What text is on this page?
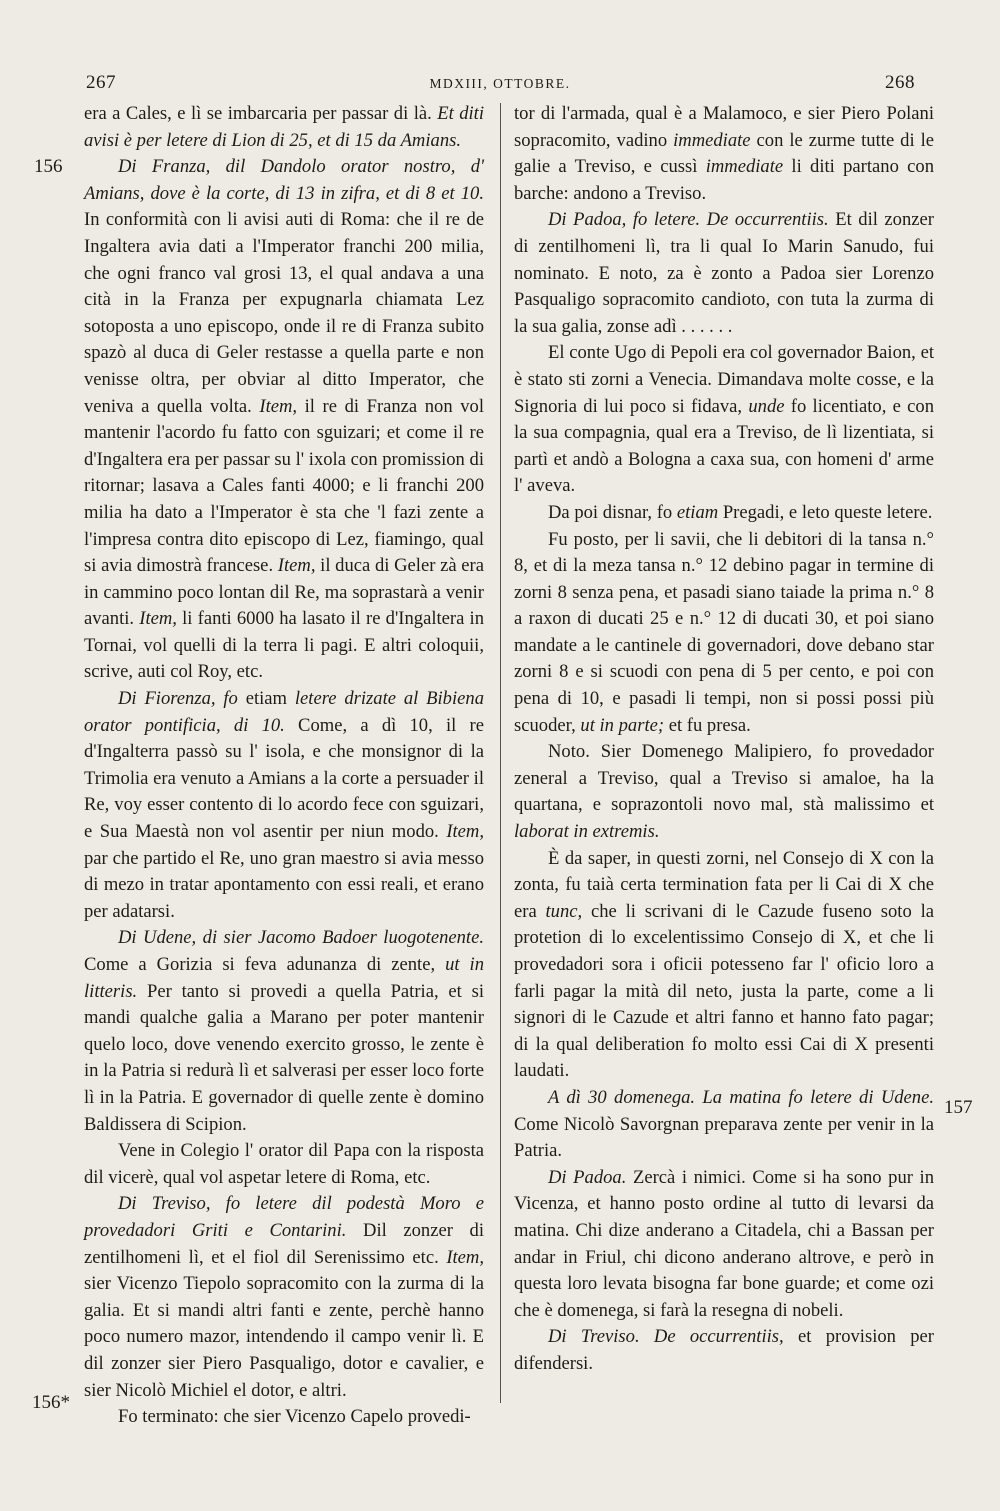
267	MDXIII, OTTOBRE.	268
156
156*
157

era a Cales, e lì se imbarcaria per passar di là. Et diti avisi è per letere di Lion di 25, et di 15 da Amians.

Di Franza, dil Dandolo orator nostro, d' Amians, dove è la corte, di 13 in zifra, et di 8 et 10. In conformità con li avisi auti di Roma: che il re de Ingaltera avia dati a l'Imperator franchi 200 milia, che ogni franco val grosi 13, el qual andava a una cità in la Franza per expugnarla chiamata Lez sotoposta a uno episcopo, onde il re di Franza subito spazò al duca di Geler restasse a quella parte e non venisse oltra, per obviar al ditto Imperator, che veniva a quella volta. Item, il re di Franza non vol mantenir l'acordo fu fatto con sguizari; et come il re d'Ingaltera era per passar su l' ixola con promission di ritornar; lasava a Cales fanti 4000; e li franchi 200 milia ha dato a l'Imperator è sta che 'l fazi zente a l'impresa contra dito episcopo di Lez, fiamingo, qual si avia dimostrà francese. Item, il duca di Geler zà era in cammino poco lontan dil Re, ma soprastarà a venir avanti. Item, li fanti 6000 ha lasato il re d'Ingaltera in Tornai, vol quelli di la terra li pagi. E altri coloquii, scrive, auti col Roy, etc.

Di Fiorenza, fo etiam letere drizate al Bibiena orator pontificia, di 10. Come, a dì 10, il re d'Ingalterra passò su l' isola, e che monsignor di la Trimolia era venuto a Amians a la corte a persuader il Re, voy esser contento di lo acordo fece con sguizari, e Sua Maestà non vol asentir per niun modo. Item, par che partido el Re, uno gran maestro si avia messo di mezo in tratar apontamento con essi reali, et erano per adatarsi.

Di Udene, di sier Jacomo Badoer luogotenente. Come a Gorizia si feva adunanza di zente, ut in litteris. Per tanto si provedi a quella Patria, et si mandi qualche galia a Marano per poter mantenir quelo loco, dove venendo exercito grosso, le zente è in la Patria si redurà lì et salverasi per esser loco forte lì in la Patria. E governador di quelle zente è domino Baldissera di Scipion.

Vene in Colegio l' orator dil Papa con la risposta dil vicerè, qual vol aspetar letere di Roma, etc.

Di Treviso, fo letere dil podestà Moro e provedadori Griti e Contarini. Dil zonzer di zentilhomeni lì, et el fiol dil Serenissimo etc. Item, sier Vicenzo Tiepolo sopracomito con la zurma di la galia. Et si mandi altri fanti e zente, perchè hanno poco numero mazor, intendendo il campo venir lì. E dil zonzer sier Piero Pasqualigo, dotor e cavalier, e sier Nicolò Michiel el dotor, e altri.

Fo terminato: che sier Vicenzo Capelo provedi-

tor di l'armada, qual è a Malamoco, e sier Piero Polani sopracomito, vadino immediate con le zurme tutte di le galie a Treviso, e cussì immediate li diti partano con barche: andono a Treviso.

Di Padoa, fo letere. De occurrentiis. Et dil zonzer di zentilhomeni lì, tra li qual Io Marin Sanudo, fui nominato. E noto, za è zonto a Padoa sier Lorenzo Pasqualigo sopracomito candioto, con tuta la zurma di la sua galia, zonse adì . . . . . .

El conte Ugo di Pepoli era col governador Baion, et è stato sti zorni a Venecia. Dimandava molte cosse, e la Signoria di lui poco si fidava, unde fo licentiato, e con la sua compagnia, qual era a Treviso, de lì lizentiata, si partì et andò a Bologna a caxa sua, con homeni d' arme l' aveva.

Da poi disnar, fo etiam Pregadi, e leto queste letere.

Fu posto, per li savii, che li debitori di la tansa n.° 8, et di la meza tansa n.° 12 debino pagar in termine di zorni 8 senza pena, et pasadi siano taiade la prima n.° 8 a raxon di ducati 25 e n.° 12 di ducati 30, et poi siano mandate a le cantinele di governadori, dove debano star zorni 8 e si scuodi con pena di 5 per cento, e poi con pena di 10, e pasadi li tempi, non si possi possi più scuoder, ut in parte; et fu presa.

Noto. Sier Domenego Malipiero, fo provedador zeneral a Treviso, qual a Treviso si amaloe, ha la quartana, e soprazontoli novo mal, stà malissimo et laborat in extremis.

È da saper, in questi zorni, nel Consejo di X con la zonta, fu taià certa termination fata per li Cai di X che era tunc, che li scrivani di le Cazude fuseno soto la protetion di lo excelentissimo Consejo di X, et che li provedadori sora i oficii potesseno far l' oficio loro a farli pagar la mità dil neto, justa la parte, come a li signori di le Cazude et altri fanno et hanno fato pagar; di la qual deliberation fo molto essi Cai di X presenti laudati.

A dì 30 domenega. La matina fo letere di Udene. Come Nicolò Savorgnan preparava zente per venir in la Patria.

Di Padoa. Zercà i nimici. Come si ha sono pur in Vicenza, et hanno posto ordine al tutto di levarsi da matina. Chi dize anderano a Citadela, chi a Bassan per andar in Friul, chi dicono anderano altrove, e però in questa loro levata bisogna far bone guarde; et come ozi che è domenega, si farà la resegna di nobeli.

Di Treviso. De occurrentiis, et provision per difendersi.
